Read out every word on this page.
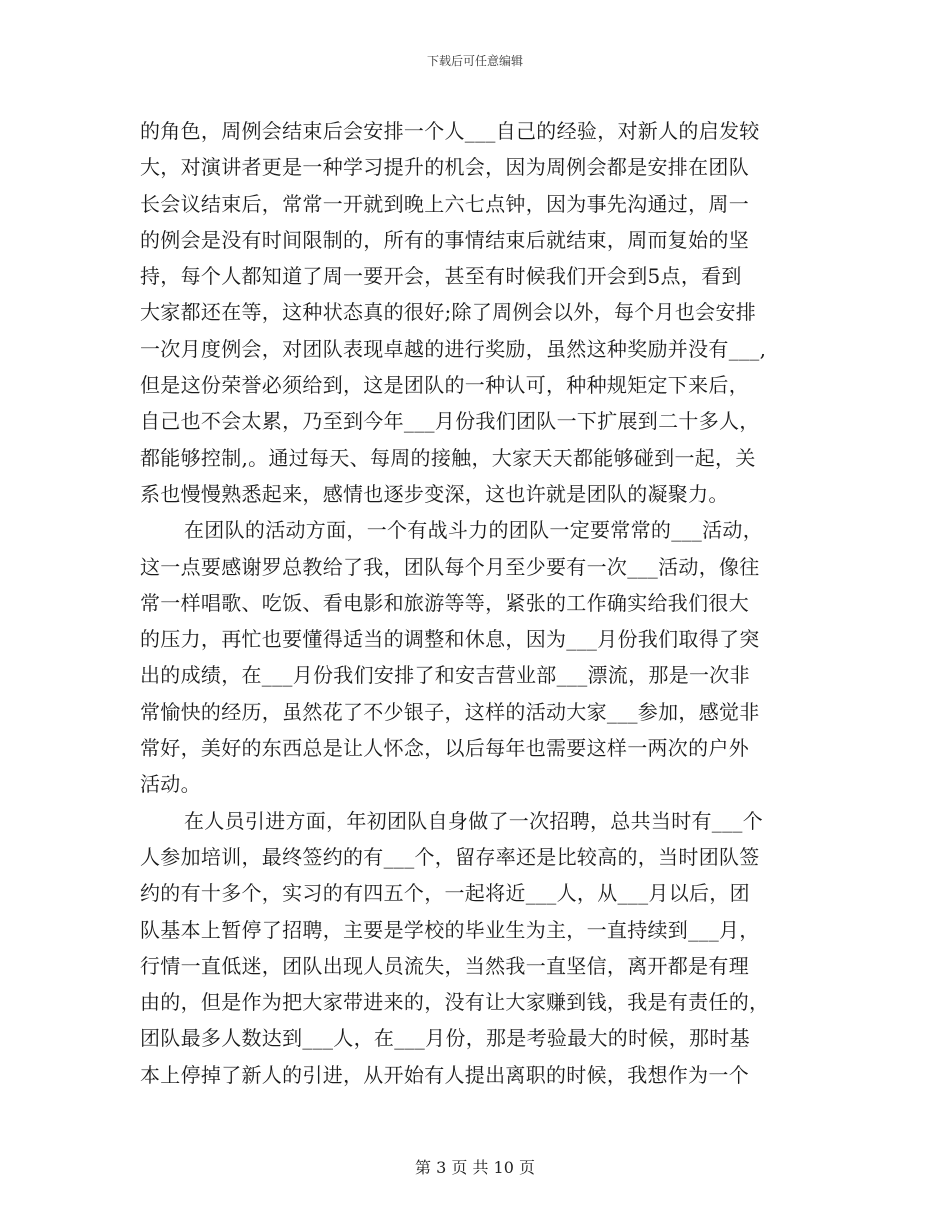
下载后可任意编辑
的角色，周例会结束后会安排一个人___自己的经验，对新人的启发较
大，对演讲者更是一种学习提升的机会，因为周例会都是安排在团队
长会议结束后，常常一开就到晚上六七点钟，因为事先沟通过，周一
的例会是没有时间限制的，所有的事情结束后就结束，周而复始的坚
持，每个人都知道了周一要开会，甚至有时候我们开会到5点，看到
大家都还在等，这种状态真的很好;除了周例会以外，每个月也会安排
一次月度例会，对团队表现卓越的进行奖励，虽然这种奖励并没有___,
但是这份荣誉必须给到，这是团队的一种认可，种种规矩定下来后，
自己也不会太累，乃至到今年___月份我们团队一下扩展到二十多人，
都能够控制,。通过每天、每周的接触，大家天天都能够碰到一起，关
系也慢慢熟悉起来，感情也逐步变深，这也许就是团队的凝聚力。
在团队的活动方面，一个有战斗力的团队一定要常常的___活动，
这一点要感谢罗总教给了我，团队每个月至少要有一次___活动，像往
常一样唱歌、吃饭、看电影和旅游等等，紧张的工作确实给我们很大
的压力，再忙也要懂得适当的调整和休息，因为___月份我们取得了突
出的成绩，在___月份我们安排了和安吉营业部___漂流，那是一次非
常愉快的经历，虽然花了不少银子，这样的活动大家___参加，感觉非
常好，美好的东西总是让人怀念，以后每年也需要这样一两次的户外
活动。
在人员引进方面，年初团队自身做了一次招聘，总共当时有___个
人参加培训，最终签约的有___个，留存率还是比较高的，当时团队签
约的有十多个，实习的有四五个，一起将近___人，从___月以后，团
队基本上暂停了招聘，主要是学校的毕业生为主，一直持续到___月，
行情一直低迷，团队出现人员流失，当然我一直坚信，离开都是有理
由的，但是作为把大家带进来的，没有让大家赚到钱，我是有责任的，
团队最多人数达到___人，在___月份，那是考验最大的时候，那时基
本上停掉了新人的引进，从开始有人提出离职的时候，我想作为一个
第 3 页 共 10 页
